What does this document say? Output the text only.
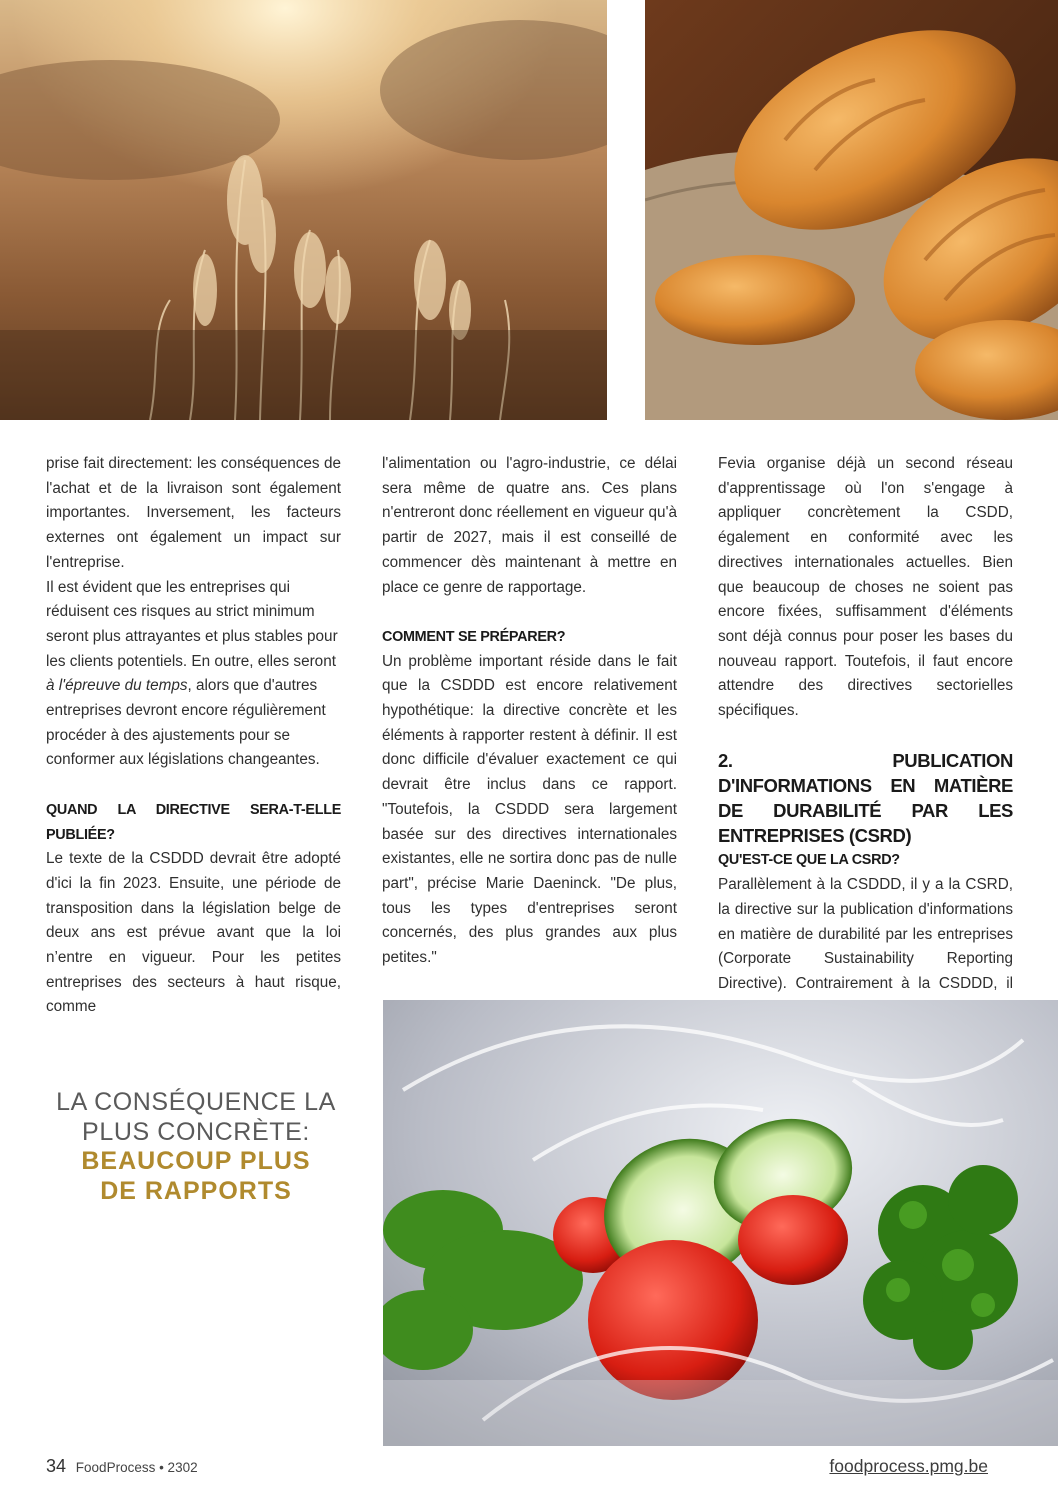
prise fait directement: les conséquences de l'achat et de la livraison sont également importantes. Inversement, les facteurs externes ont également un impact sur l'entreprise.

Il est évident que les entreprises qui réduisent ces risques au strict minimum seront plus attrayantes et plus stables pour les clients potentiels. En outre, elles seront à l'épreuve du temps, alors que d'autres entreprises devront encore régulièrement procéder à des ajustements pour se conformer aux législations changeantes.

QUAND LA DIRECTIVE SERA-T-ELLE PUBLIÉE?

Le texte de la CSDDD devrait être adopté d'ici la fin 2023. Ensuite, une période de transposition dans la législation belge de deux ans est prévue avant que la loi n’entre en vigueur. Pour les petites entreprises des secteurs à haut risque, comme

l'alimentation ou l'agro-industrie, ce délai sera même de quatre ans. Ces plans n'entreront donc réellement en vigueur qu'à partir de 2027, mais il est conseillé de commencer dès maintenant à mettre en place ce genre de rapportage.

COMMENT SE PRÉPARER?

Un problème important réside dans le fait que la CSDDD est encore relativement hypothétique: la directive concrète et les éléments à rapporter restent à définir. Il est donc difficile d'évaluer exactement ce qui devrait être inclus dans ce rapport. "Toutefois, la CSDDD sera largement basée sur des directives internationales existantes, elle ne sortira donc pas de nulle part", précise Marie Daeninck. "De plus, tous les types d'entreprises seront concernés, des plus grandes aux plus petites."

Fevia organise déjà un second réseau d'apprentissage où l'on s'engage à appliquer concrètement la CSDD, également en conformité avec les directives internationales actuelles. Bien que beaucoup de choses ne soient pas encore fixées, suffisamment d'éléments sont déjà connus pour poser les bases du nouveau rapport. Toutefois, il faut encore attendre des directives sectorielles spécifiques.

2. PUBLICATION D'INFORMATIONS EN MATIÈRE DE DURABILITÉ PAR LES ENTREPRISES (CSRD)

QU'EST-CE QUE LA CSRD?

Parallèlement à la CSDDD, il y a la CSRD, la directive sur la publication d'informations en matière de durabilité par les entreprises (Corporate Sustainability Reporting Directive). Contrairement à la CSDDD, il

LA CONSÉQUENCE LA
PLUS CONCRÈTE:
BEAUCOUP PLUS
DE RAPPORTS
34 FoodProcess • 2302	foodprocess.pmg.be
